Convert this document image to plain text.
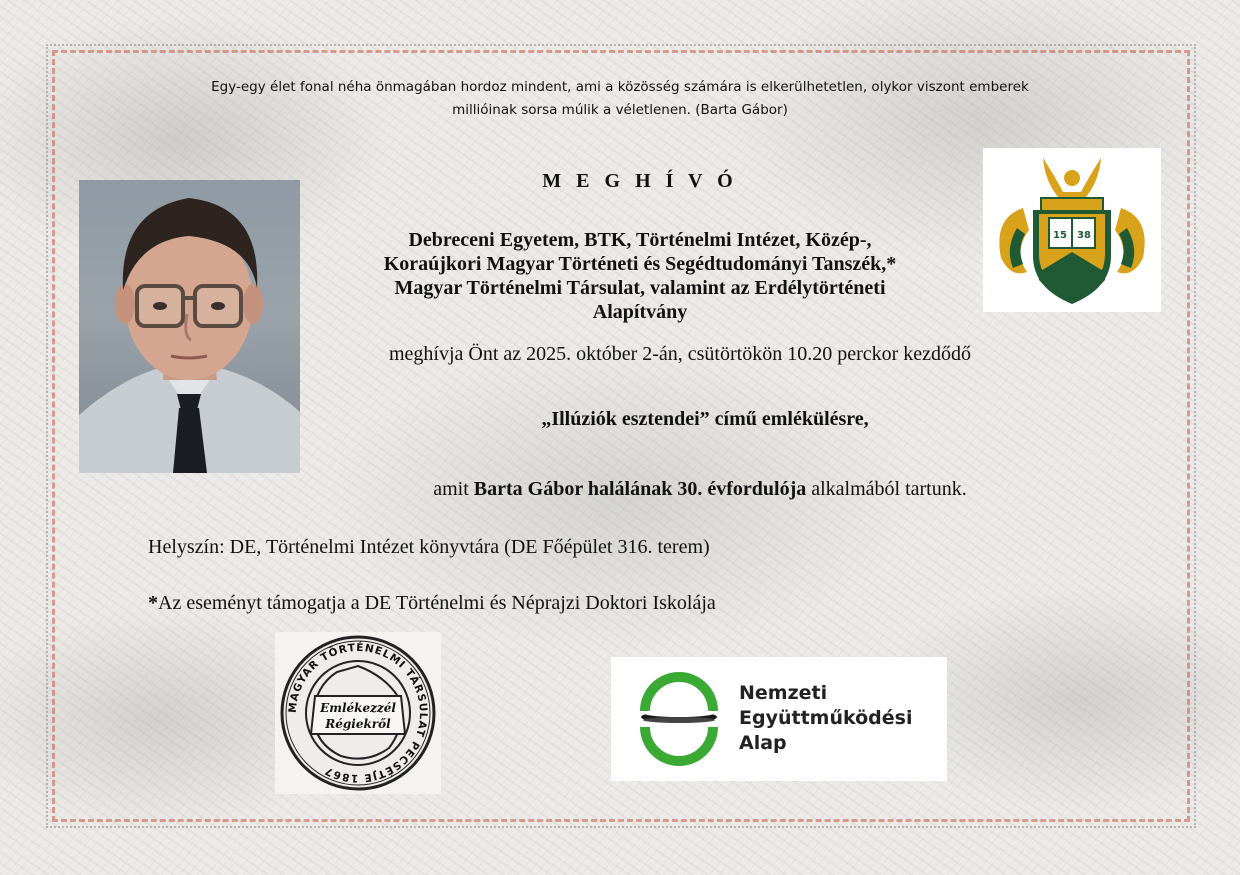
Egy-egy élet fonal néha önmagában hordoz mindent, ami a közösség számára is elkerülhetetlen, olykor viszont emberek
millióinak sorsa múlik a véletlenen. (Barta Gábor)
M E G H Í V Ó
Debreceni Egyetem, BTK, Történelmi Intézet, Közép-,
Koraújkori Magyar Történeti és Segédtudományi Tanszék,*
Magyar Történelmi Társulat, valamint az Erdélytörténeti
Alapítvány
meghívja Önt az 2025. október 2-án, csütörtökön 10.20 perckor kezdődő
„Illúziók esztendei” című emlékülésre,
amit Barta Gábor halálának 30. évfordulója alkalmából tartunk.
Helyszín: DE, Történelmi Intézet könyvtára (DE Főépület 316. terem)
*Az eseményt támogatja a DE Történelmi és Néprajzi Doktori Iskolája
15 38
MAGYAR TÖRTÉNELMI TÁRSULAT PECSÉTJE 1867
Emlékezzél
Régiekről
Nemzeti
Együttműködési
Alap
